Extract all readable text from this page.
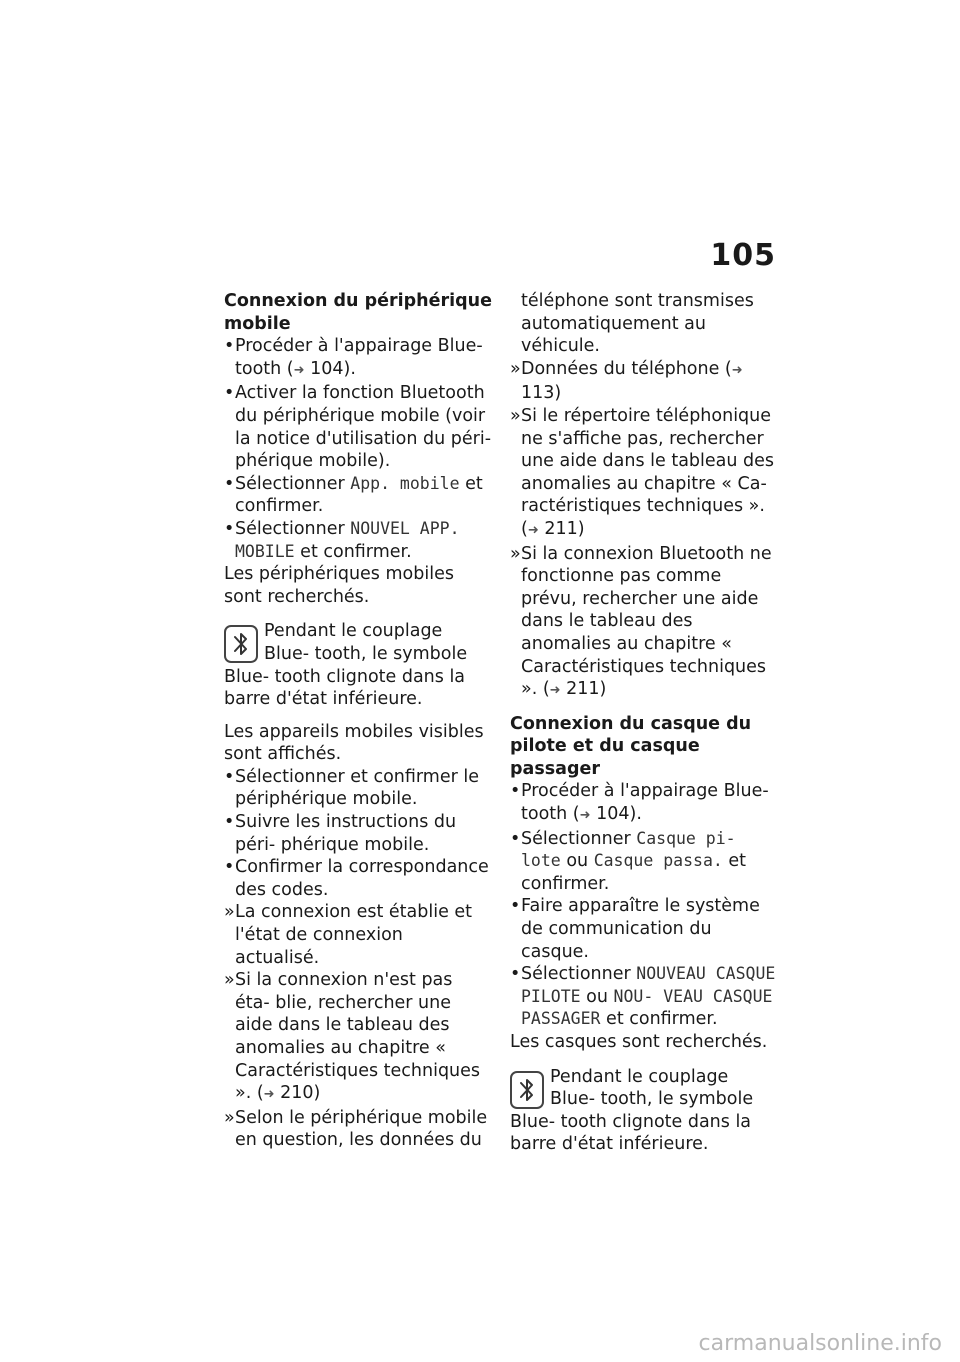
105
Connexion du périphérique mobile
•
Procéder à l'appairage Blue- tooth (➜ 104).
•
Activer la fonction Bluetooth du périphérique mobile (voir la notice d'utilisation du péri- phérique mobile).
•
Sélectionner App. mobile et confirmer.
•
Sélectionner NOUVEL APP. MOBILE et confirmer.
Les périphériques mobiles sont recherchés.
Pendant le couplage Blue- tooth, le symbole Blue- tooth clignote dans la barre d'état inférieure.
Les appareils mobiles visibles sont affichés.
•
Sélectionner et confirmer le périphérique mobile.
•
Suivre les instructions du péri- phérique mobile.
•
Confirmer la correspondance des codes.
»
La connexion est établie et l'état de connexion actualisé.
»
Si la connexion n'est pas éta- blie, rechercher une aide dans le tableau des anomalies au chapitre « Caractéristiques techniques ». (➜ 210)
»
Selon le périphérique mobile en question, les données du
téléphone sont transmises automatiquement au véhicule.
»
Données du téléphone (➜ 113)
»
Si le répertoire téléphonique ne s'affiche pas, rechercher une aide dans le tableau des anomalies au chapitre « Ca- ractéristiques techniques ». (➜ 211)
»
Si la connexion Bluetooth ne fonctionne pas comme prévu, rechercher une aide dans le tableau des anomalies au chapitre « Caractéristiques techniques ». (➜ 211)
Connexion du casque du pilote et du casque passager
•
Procéder à l'appairage Blue- tooth (➜ 104).
•
Sélectionner Casque pi- lote ou Casque passa. et confirmer.
•
Faire apparaître le système de communication du casque.
•
Sélectionner NOUVEAU CASQUE PILOTE ou NOU- VEAU CASQUE PASSAGER et confirmer.
Les casques sont recherchés.
Pendant le couplage Blue- tooth, le symbole Blue- tooth clignote dans la barre d'état inférieure.
carmanualsonline.info
